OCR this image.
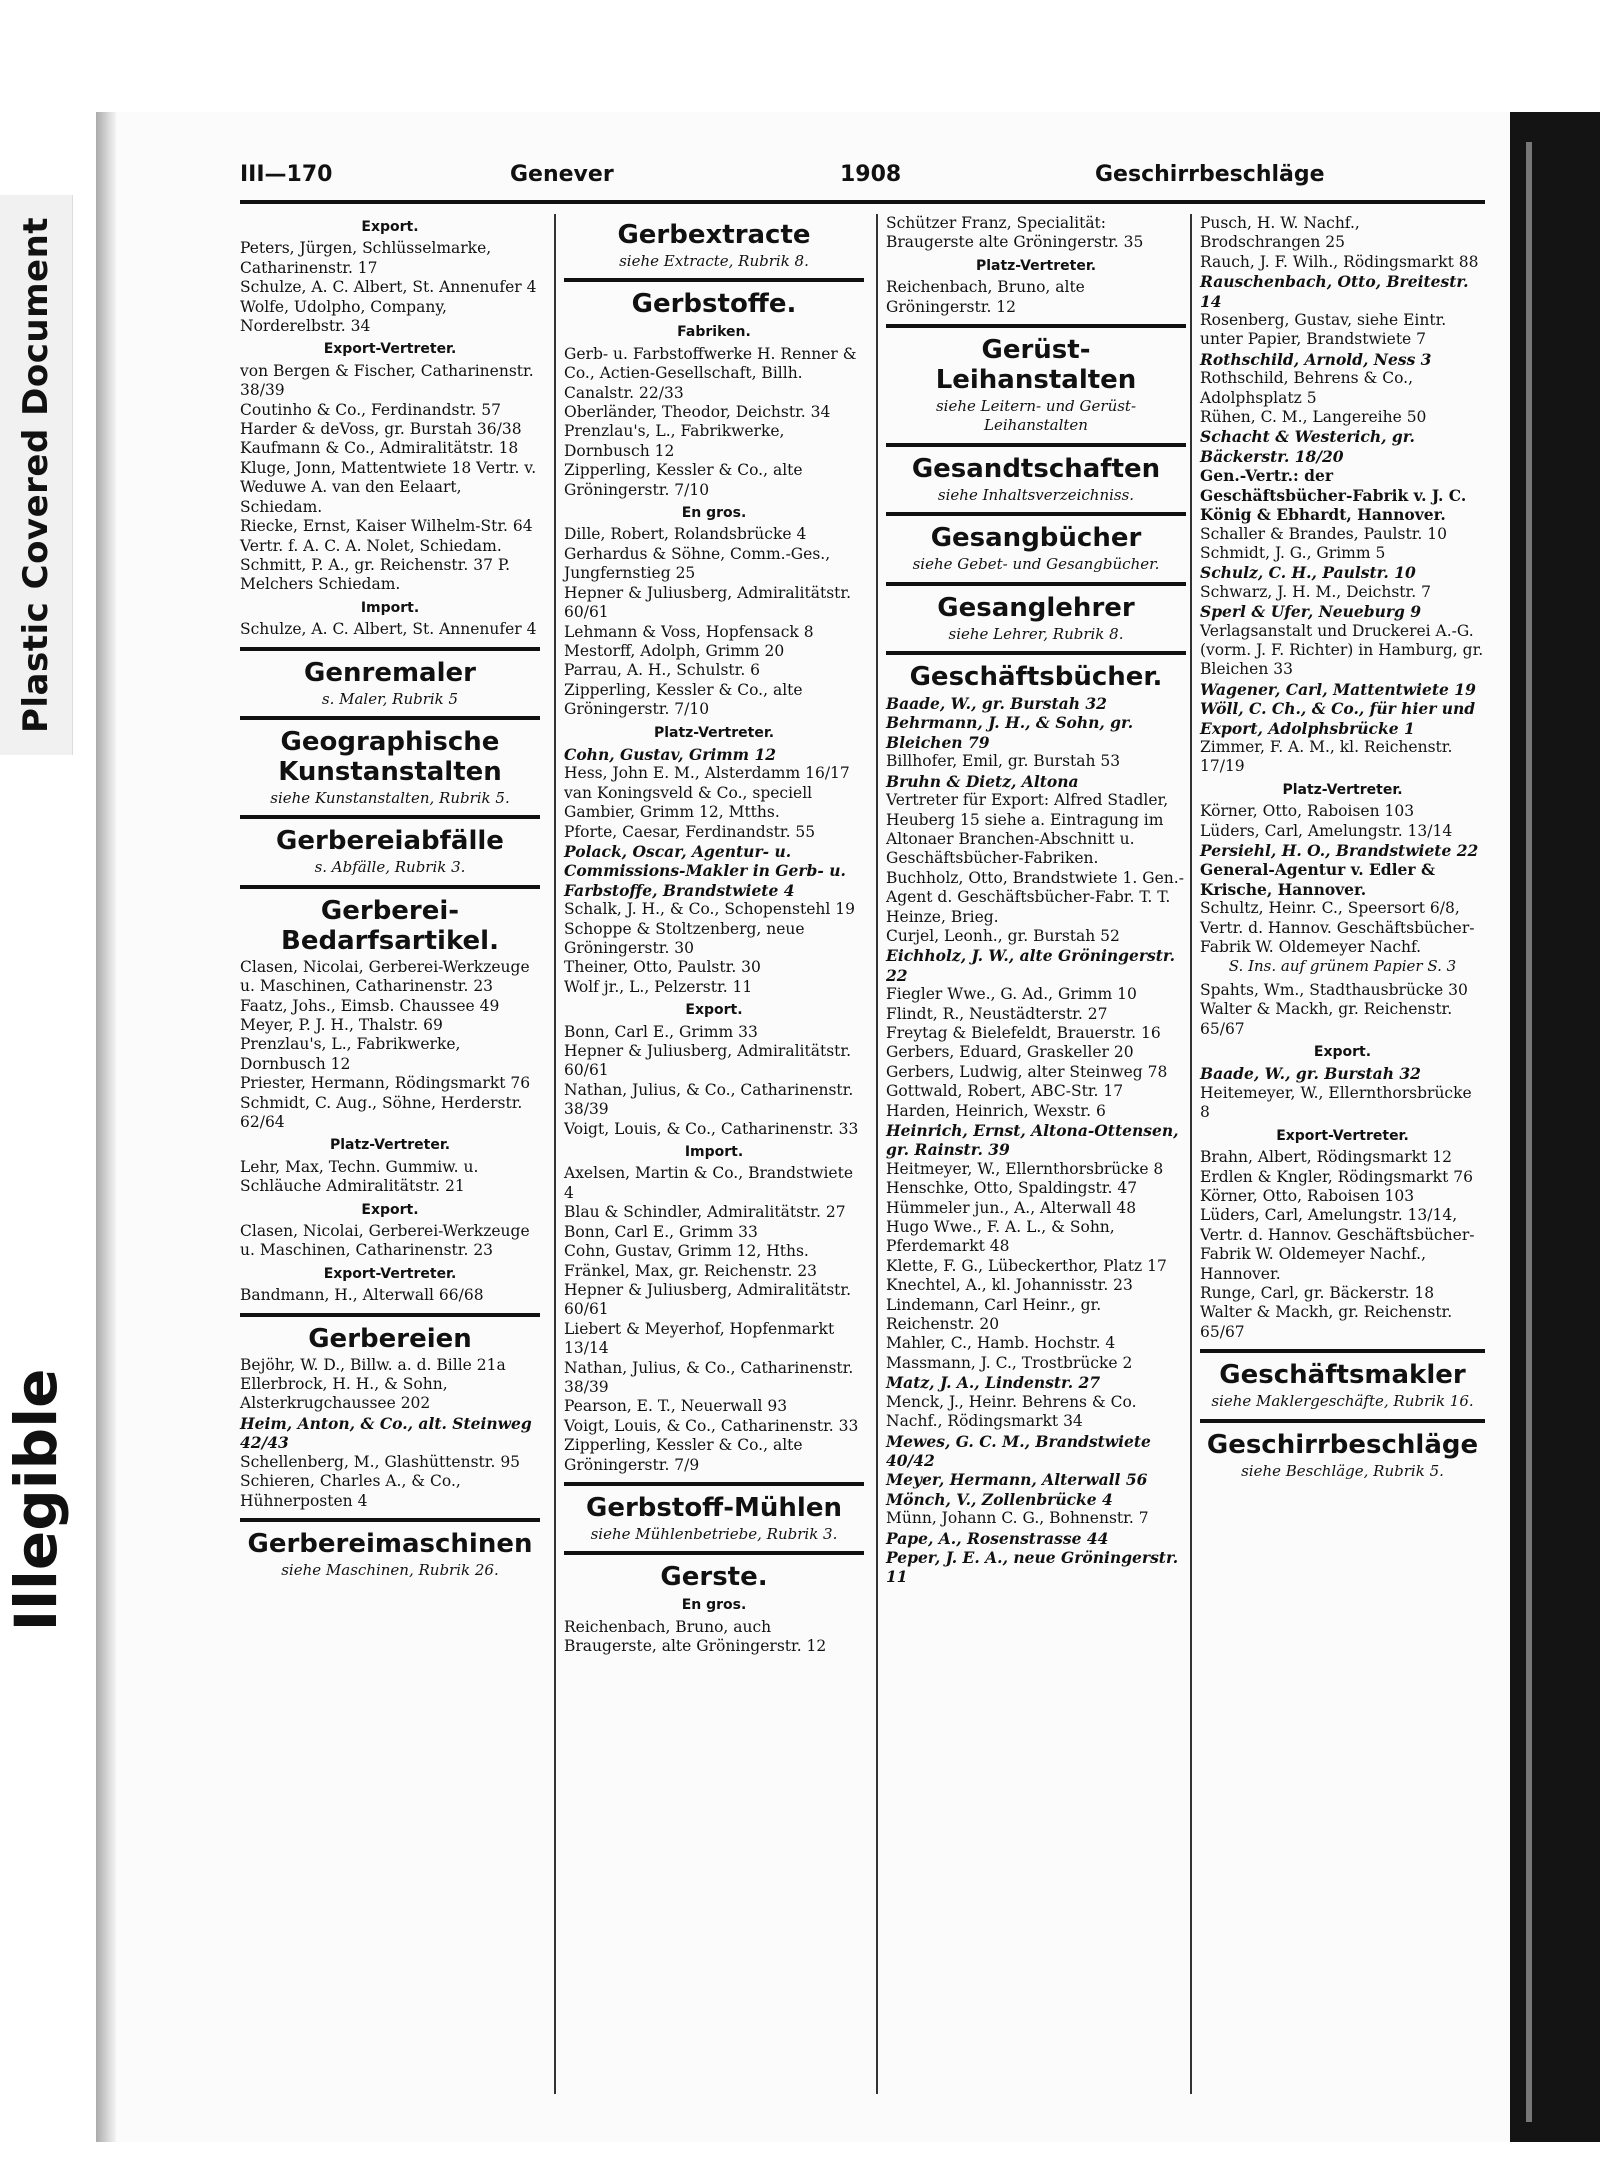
Plastic Covered Document
Illegible
III—170	Genever	1908	Geschirrbeschläge
Export.
Peters, Jürgen, Schlüsselmarke, Catharinenstr. 17
Schulze, A. C. Albert, St. Annenufer 4
Wolfe, Udolpho, Company, Norderelbstr. 34
Export-Vertreter.
von Bergen & Fischer, Catharinenstr. 38/39
Coutinho & Co., Ferdinandstr. 57
Harder & deVoss, gr. Burstah 36/38
Kaufmann & Co., Admiralitätstr. 18
Kluge, Jonn, Mattentwiete 18 Vertr. v. Weduwe A. van den Eelaart, Schiedam.
Riecke, Ernst, Kaiser Wilhelm-Str. 64 Vertr. f. A. C. A. Nolet, Schiedam.
Schmitt, P. A., gr. Reichenstr. 37 P. Melchers Schiedam.
Import.
Schulze, A. C. Albert, St. Annenufer 4
Genremaler
s. Maler, Rubrik 5
Geographische Kunstanstalten
siehe Kunstanstalten, Rubrik 5.
Gerbereiabfälle
s. Abfälle, Rubrik 3.
Gerberei-Bedarfsartikel.
Clasen, Nicolai, Gerberei-Werkzeuge u. Maschinen, Catharinenstr. 23
Faatz, Johs., Eimsb. Chaussee 49
Meyer, P. J. H., Thalstr. 69
Prenzlau's, L., Fabrikwerke, Dornbusch 12
Priester, Hermann, Rödingsmarkt 76
Schmidt, C. Aug., Söhne, Herderstr. 62/64
Platz-Vertreter.
Lehr, Max, Techn. Gummiw. u. Schläuche Admiralitätstr. 21
Export.
Clasen, Nicolai, Gerberei-Werkzeuge u. Maschinen, Catharinenstr. 23
Export-Vertreter.
Bandmann, H., Alterwall 66/68
Gerbereien
Bejöhr, W. D., Billw. a. d. Bille 21a
Ellerbrock, H. H., & Sohn, Alsterkrugchaussee 202
Heim, Anton, & Co., alt. Steinweg 42/43
Schellenberg, M., Glashüttenstr. 95
Schieren, Charles A., & Co., Hühnerposten 4
Gerbereimaschinen
siehe Maschinen, Rubrik 26.
Gerbextracte
siehe Extracte, Rubrik 8.
Gerbstoffe.
Fabriken.
Gerb- u. Farbstoffwerke H. Renner & Co., Actien-Gesellschaft, Billh. Canalstr. 22/33
Oberländer, Theodor, Deichstr. 34
Prenzlau's, L., Fabrikwerke, Dornbusch 12
Zipperling, Kessler & Co., alte Gröningerstr. 7/10
En gros.
Dille, Robert, Rolandsbrücke 4
Gerhardus & Söhne, Comm.-Ges., Jungfernstieg 25
Hepner & Juliusberg, Admiralitätstr. 60/61
Lehmann & Voss, Hopfensack 8
Mestorff, Adolph, Grimm 20
Parrau, A. H., Schulstr. 6
Zipperling, Kessler & Co., alte Gröningerstr. 7/10
Platz-Vertreter.
Cohn, Gustav, Grimm 12
Hess, John E. M., Alsterdamm 16/17
van Koningsveld & Co., speciell Gambier, Grimm 12, Mtths.
Pforte, Caesar, Ferdinandstr. 55
Polack, Oscar, Agentur- u. Commissions-Makler in Gerb- u. Farbstoffe, Brandstwiete 4
Schalk, J. H., & Co., Schopenstehl 19
Schoppe & Stoltzenberg, neue Gröningerstr. 30
Theiner, Otto, Paulstr. 30
Wolf jr., L., Pelzerstr. 11
Export.
Bonn, Carl E., Grimm 33
Hepner & Juliusberg, Admiralitätstr. 60/61
Nathan, Julius, & Co., Catharinenstr. 38/39
Voigt, Louis, & Co., Catharinenstr. 33
Import.
Axelsen, Martin & Co., Brandstwiete 4
Blau & Schindler, Admiralitätstr. 27
Bonn, Carl E., Grimm 33
Cohn, Gustav, Grimm 12, Hths.
Fränkel, Max, gr. Reichenstr. 23
Hepner & Juliusberg, Admiralitätstr. 60/61
Liebert & Meyerhof, Hopfenmarkt 13/14
Nathan, Julius, & Co., Catharinenstr. 38/39
Pearson, E. T., Neuerwall 93
Voigt, Louis, & Co., Catharinenstr. 33
Zipperling, Kessler & Co., alte Gröningerstr. 7/9
Gerbstoff-Mühlen
siehe Mühlenbetriebe, Rubrik 3.
Gerste.
En gros.
Reichenbach, Bruno, auch Braugerste, alte Gröningerstr. 12
Schützer Franz, Specialität: Braugerste alte Gröningerstr. 35
Platz-Vertreter.
Reichenbach, Bruno, alte Gröningerstr. 12
Gerüst-Leihanstalten
siehe Leitern- und Gerüst-Leihanstalten
Gesandtschaften
siehe Inhaltsverzeichniss.
Gesangbücher
siehe Gebet- und Gesangbücher.
Gesanglehrer
siehe Lehrer, Rubrik 8.
Geschäftsbücher.
Baade, W., gr. Burstah 32
Behrmann, J. H., & Sohn, gr. Bleichen 79
Billhofer, Emil, gr. Burstah 53
Bruhn & Dietz, Altona
Vertreter für Export: Alfred Stadler, Heuberg 15 siehe a. Eintragung im Altonaer Branchen-Abschnitt u. Geschäftsbücher-Fabriken.
Buchholz, Otto, Brandstwiete 1. Gen.-Agent d. Geschäftsbücher-Fabr. T. T. Heinze, Brieg.
Curjel, Leonh., gr. Burstah 52
Eichholz, J. W., alte Gröningerstr. 22
Fiegler Wwe., G. Ad., Grimm 10
Flindt, R., Neustädterstr. 27
Freytag & Bielefeldt, Brauerstr. 16
Gerbers, Eduard, Graskeller 20
Gerbers, Ludwig, alter Steinweg 78
Gottwald, Robert, ABC-Str. 17
Harden, Heinrich, Wexstr. 6
Heinrich, Ernst, Altona-Ottensen, gr. Rainstr. 39
Heitmeyer, W., Ellernthorsbrücke 8
Henschke, Otto, Spaldingstr. 47
Hümmeler jun., A., Alterwall 48
Hugo Wwe., F. A. L., & Sohn, Pferdemarkt 48
Klette, F. G., Lübeckerthor, Platz 17
Knechtel, A., kl. Johannisstr. 23
Lindemann, Carl Heinr., gr. Reichenstr. 20
Mahler, C., Hamb. Hochstr. 4
Massmann, J. C., Trostbrücke 2
Matz, J. A., Lindenstr. 27
Menck, J., Heinr. Behrens & Co. Nachf., Rödingsmarkt 34
Mewes, G. C. M., Brandstwiete 40/42
Meyer, Hermann, Alterwall 56
Mönch, V., Zollenbrücke 4
Münn, Johann C. G., Bohnenstr. 7
Pape, A., Rosenstrasse 44
Peper, J. E. A., neue Gröningerstr. 11
Pusch, H. W. Nachf., Brodschrangen 25
Rauch, J. F. Wilh., Rödingsmarkt 88
Rauschenbach, Otto, Breitestr. 14
Rosenberg, Gustav, siehe Eintr. unter Papier, Brandstwiete 7
Rothschild, Arnold, Ness 3
Rothschild, Behrens & Co., Adolphsplatz 5
Rühen, C. M., Langereihe 50
Schacht & Westerich, gr. Bäckerstr. 18/20
Gen.-Vertr.: der Geschäftsbücher-Fabrik v. J. C. König & Ebhardt, Hannover.
Schaller & Brandes, Paulstr. 10
Schmidt, J. G., Grimm 5
Schulz, C. H., Paulstr. 10
Schwarz, J. H. M., Deichstr. 7
Sperl & Ufer, Neueburg 9
Verlagsanstalt und Druckerei A.-G. (vorm. J. F. Richter) in Hamburg, gr. Bleichen 33
Wagener, Carl, Mattentwiete 19
Wöll, C. Ch., & Co., für hier und Export, Adolphsbrücke 1
Zimmer, F. A. M., kl. Reichenstr. 17/19
Platz-Vertreter.
Körner, Otto, Raboisen 103
Lüders, Carl, Amelungstr. 13/14
Persiehl, H. O., Brandstwiete 22
General-Agentur v. Edler & Krische, Hannover.
Schultz, Heinr. C., Speersort 6/8, Vertr. d. Hannov. Geschäftsbücher-Fabrik W. Oldemeyer Nachf.
S. Ins. auf grünem Papier S. 3
Spahts, Wm., Stadthausbrücke 30
Walter & Mackh, gr. Reichenstr. 65/67
Export.
Baade, W., gr. Burstah 32
Heitemeyer, W., Ellernthorsbrücke 8
Export-Vertreter.
Brahn, Albert, Rödingsmarkt 12
Erdlen & Kngler, Rödingsmarkt 76
Körner, Otto, Raboisen 103
Lüders, Carl, Amelungstr. 13/14, Vertr. d. Hannov. Geschäftsbücher-Fabrik W. Oldemeyer Nachf., Hannover.
Runge, Carl, gr. Bäckerstr. 18
Walter & Mackh, gr. Reichenstr. 65/67
Geschäftsmakler
siehe Maklergeschäfte, Rubrik 16.
Geschirrbeschläge
siehe Beschläge, Rubrik 5.
